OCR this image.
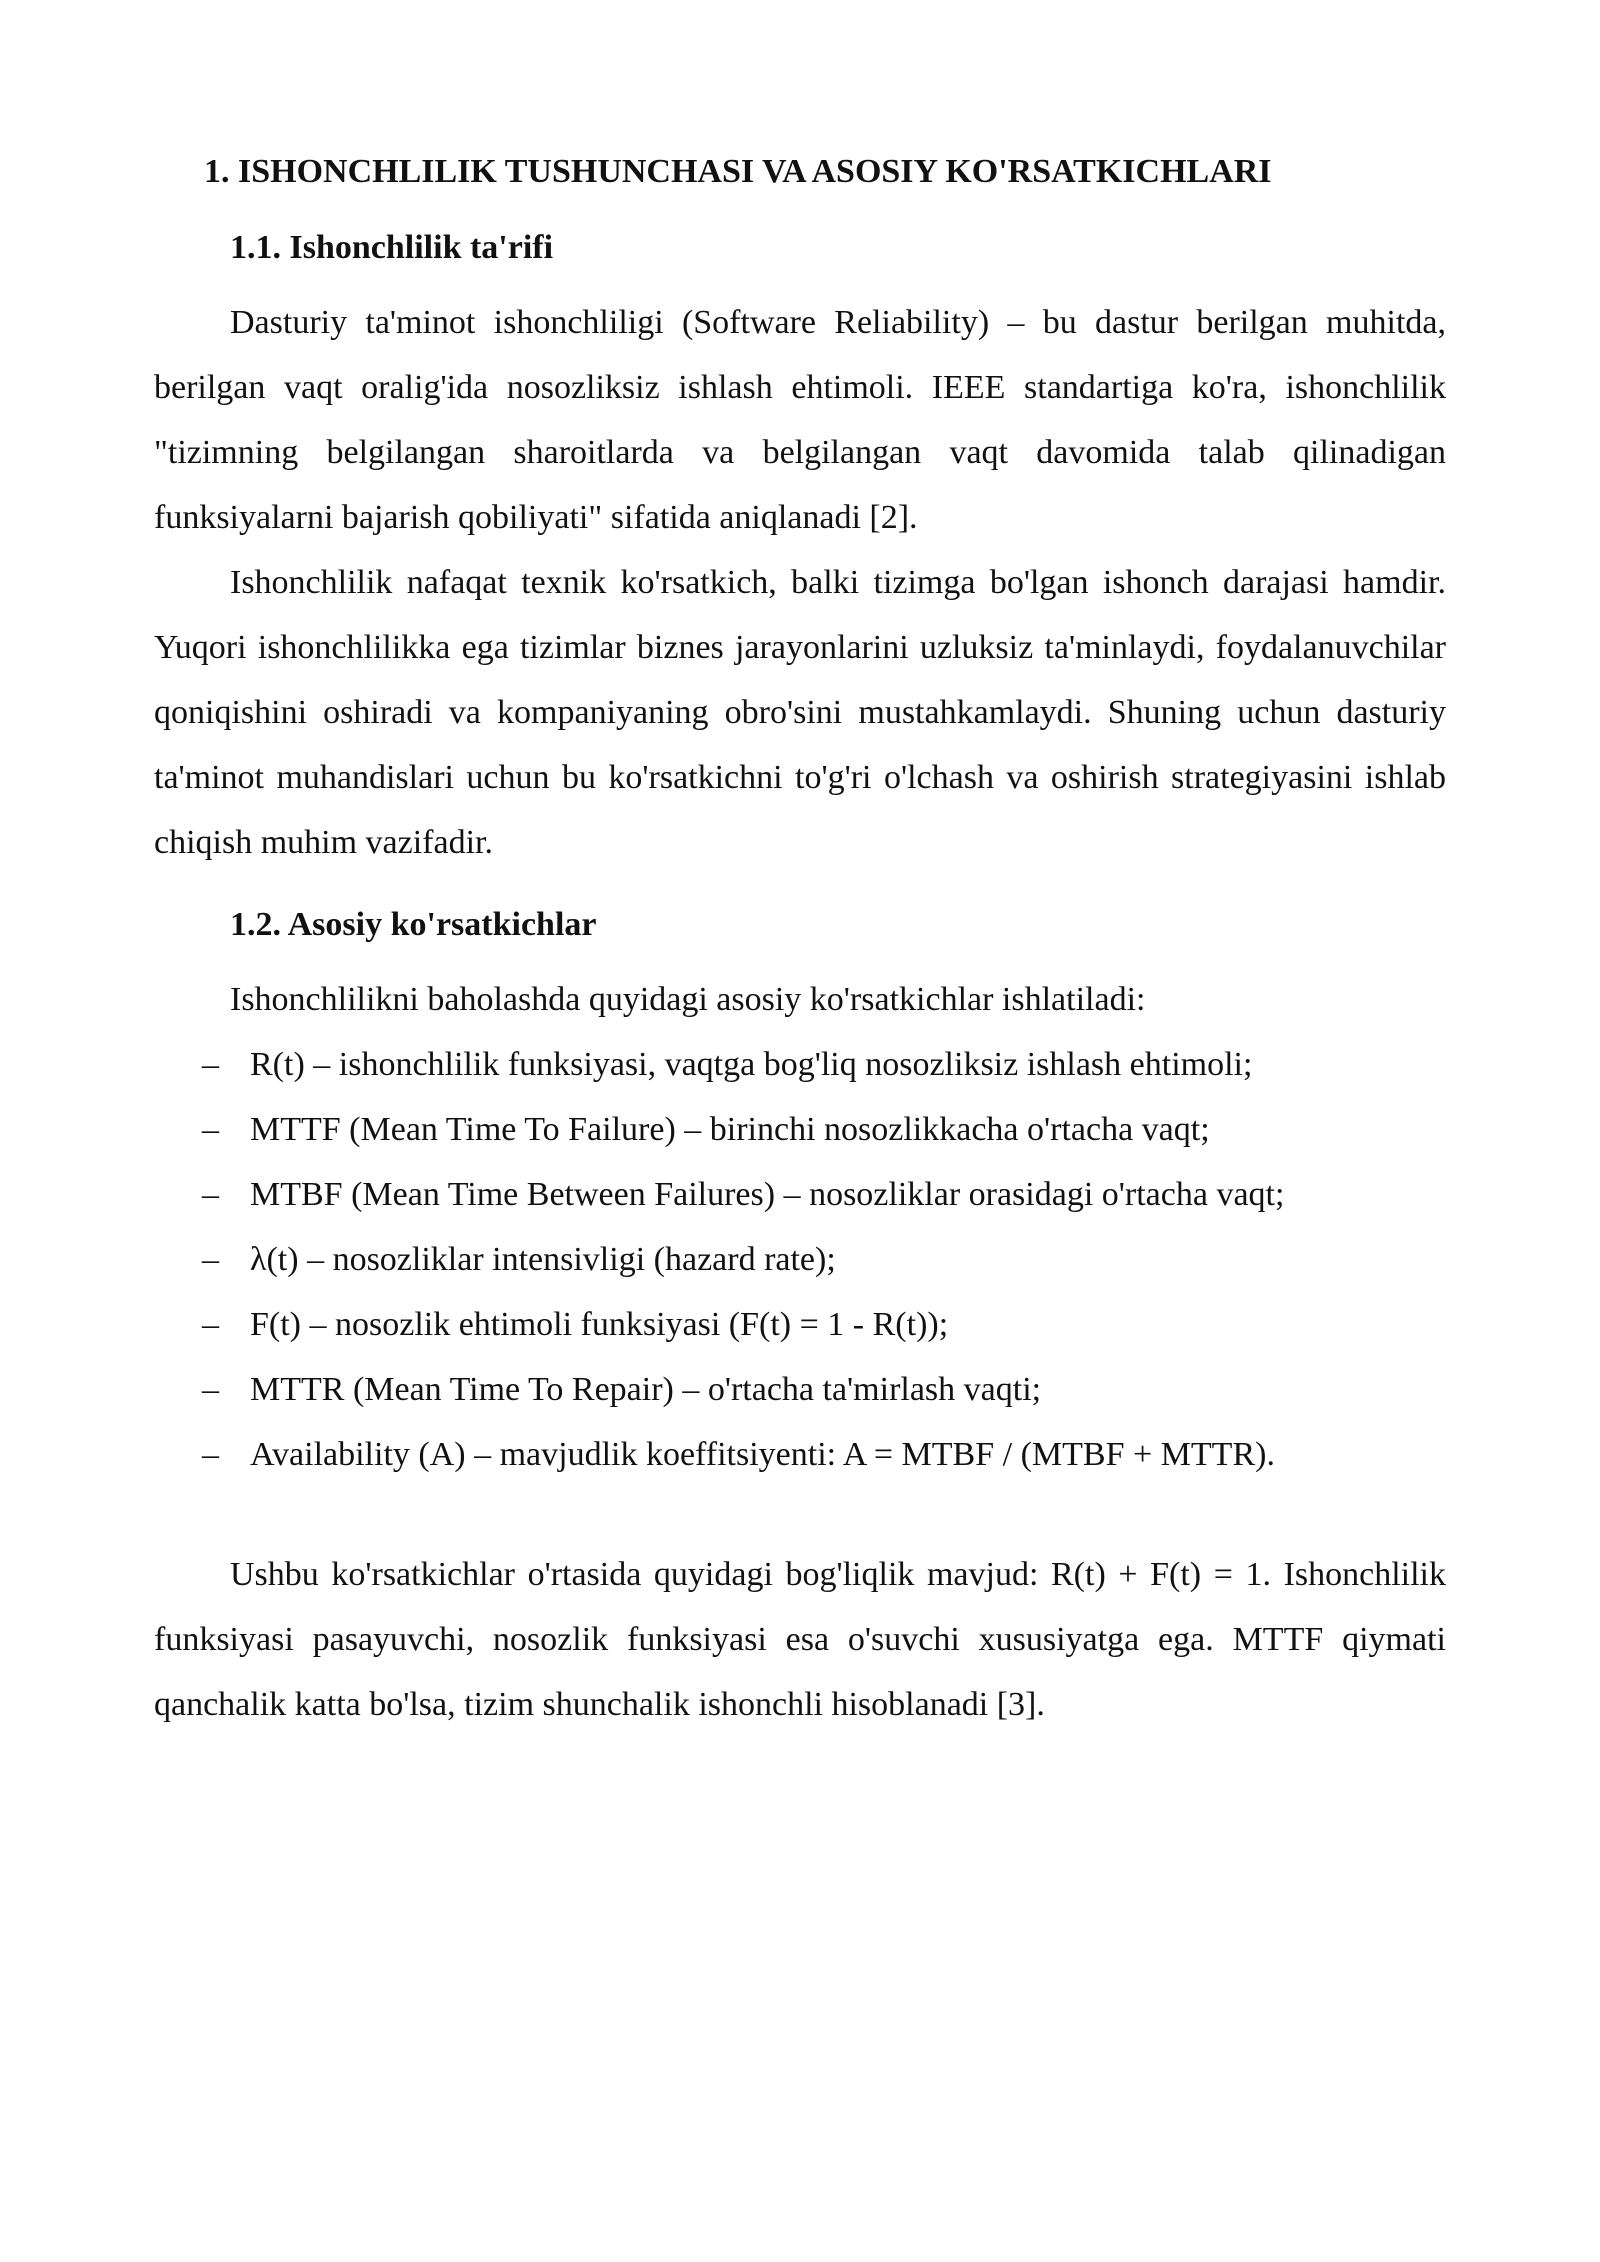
1. ISHONCHLILIK TUSHUNCHASI VA ASOSIY KO'RSATKICHLARI
1.1. Ishonchlilik ta'rifi

Dasturiy ta'minot ishonchliligi (Software Reliability) – bu dastur berilgan muhitda, berilgan vaqt oralig'ida nosozliksiz ishlash ehtimoli. IEEE standartiga ko'ra, ishonchlilik "tizimning belgilangan sharoitlarda va belgilangan vaqt davomida talab qilinadigan funksiyalarni bajarish qobiliyati" sifatida aniqlanadi [2].

Ishonchlilik nafaqat texnik ko'rsatkich, balki tizimga bo'lgan ishonch darajasi hamdir. Yuqori ishonchlilikka ega tizimlar biznes jarayonlarini uzluksiz ta'minlaydi, foydalanuvchilar qoniqishini oshiradi va kompaniyaning obro'sini mustahkamlaydi. Shuning uchun dasturiy ta'minot muhandislari uchun bu ko'rsatkichni to'g'ri o'lchash va oshirish strategiyasini ishlab chiqish muhim vazifadir.

1.2. Asosiy ko'rsatkichlar

Ishonchlilikni baholashda quyidagi asosiy ko'rsatkichlar ishlatiladi:

– R(t) – ishonchlilik funksiyasi, vaqtga bog'liq nosozliksiz ishlash ehtimoli;
– MTTF (Mean Time To Failure) – birinchi nosozlikkacha o'rtacha vaqt;
– MTBF (Mean Time Between Failures) – nosozliklar orasidagi o'rtacha vaqt;
– λ(t) – nosozliklar intensivligi (hazard rate);
– F(t) – nosozlik ehtimoli funksiyasi (F(t) = 1 - R(t));
– MTTR (Mean Time To Repair) – o'rtacha ta'mirlash vaqti;
– Availability (A) – mavjudlik koeffitsiyenti: A = MTBF / (MTBF + MTTR).

Ushbu ko'rsatkichlar o'rtasida quyidagi bog'liqlik mavjud: R(t) + F(t) = 1. Ishonchlilik funksiyasi pasayuvchi, nosozlik funksiyasi esa o'suvchi xususiyatga ega. MTTF qiymati qanchalik katta bo'lsa, tizim shunchalik ishonchli hisoblanadi [3].
